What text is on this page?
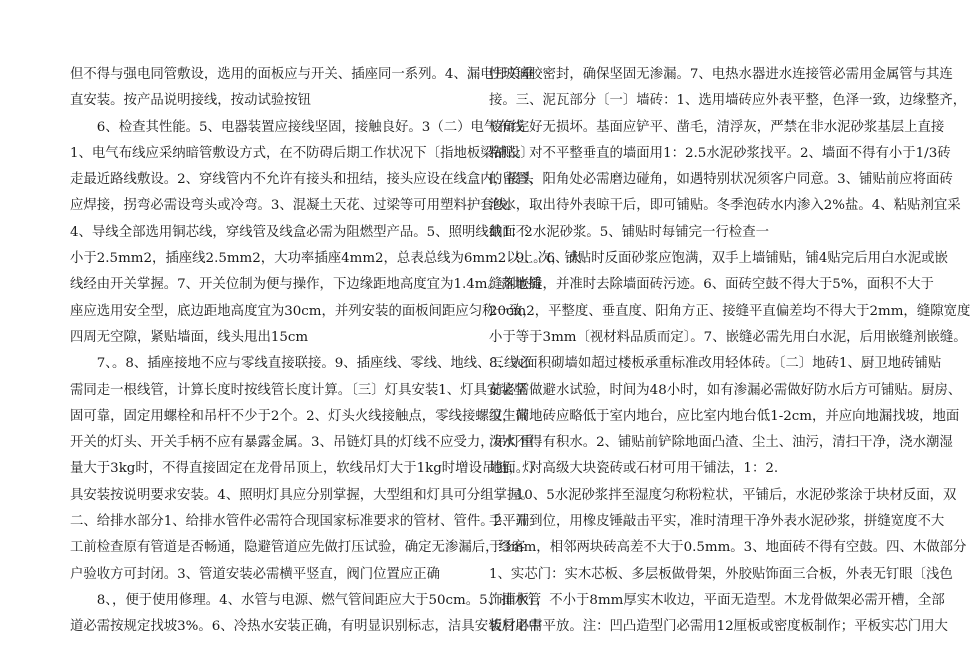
但不得与强电同管敷设，选用的面板应与开关、插座同一系列。4、漏电开关垂
直安装。按产品说明接线，按动试验按钮
　　6、检查其性能。5、电器装置应接线坚固，接触良好。3（二）电气布线
1、电气布线应采纳暗管敷设方式，在不防碍后期工作状况下〔指地板梁铺设〕
走最近路线敷设。2、穿线管内不允许有接头和扭结，接头应设在线盒内，接头
应焊接，拐弯必需设弯头或冷弯。3、混凝土天花、过梁等可用塑料护套线。
4、导线全部选用铜芯线，穿线管及线盒必需为阻燃型产品。5、照明线截面不
小于2.5mm2，插座线2.5mm2，大功率插座4mm2，总表总线为6mm2以上。6、火
线经由开关掌握。7、开关位制为便与操作，下边缘距地高度宜为1.4m。落地插
座应选用安全型，底边距地高度宜为30cm，并列安装的面板间距应匀称一致，
四周无空隙，紧贴墙面，线头甩出15cm
　　7、。8、插座接地不应与零线直接联接。9、插座线、零线、地线、三线必
需同走一根线管，计算长度时按线管长度计算。〔三〕灯具安装1、灯具安装坚
固可靠，固定用螺栓和吊杆不少于2个。2、灯头火线接触点，零线接螺纹，带
开关的灯头、开关手柄不应有暴露金属。3、吊链灯具的灯线不应受力，吊灯重
量大于3kg时，不得直接固定在龙骨吊顶上，软线吊灯大于1kg时增设吊链，灯
具安装按说明要求安装。4、照明灯具应分别掌握，大型组和灯具可分组掌握。
二、给排水部分1、给排水管件必需符合现国家标准要求的管材、管件。2、开
工前检查原有管道是否畅通，隐避管道应先做打压试验，确定无渗漏后，经客
户验收方可封闭。3、管道安装必需横平竖直，阀门位置应正确
　　8、，便于使用修理。4、水管与电源、燃气管间距应大于50cm。5、排水管
道必需按规定找坡3%。6、冷热水安装正确，有明显识别标志，洁具安装后用中
性玻璃胶密封，确保坚固无渗漏。7、电热水器进水连接管必需用金属管与其连
接。三、泥瓦部分〔一〕墙砖：1、选用墙砖应外表平整，色泽一致，边缘整齐，
棱角完好无损坏。基面应铲平、凿毛，清浮灰，严禁在非水泥砂浆基层上直接
粘贴。对不平整垂直的墙面用1：2.5水泥砂浆找平。2、墙面不得有小于1/3砖
的留置，阳角处必需磨边碰角，如遇特别状况须客户同意。3、铺贴前应将面砖
泡水，取出待外表晾干后，即可铺贴。冬季泡砖水内渗入2%盐。4、粘贴剂宜采
纳1：2水泥砂浆。5、铺贴时每铺完一行检查一
　　9、次，铺贴时反面砂浆应饱满，双手上墙铺贴，铺4贴完后用白水泥或嵌
缝剂嵌缝，并准时去除墙面砖污迹。6、面砖空鼓不得大于5%，面积不大于
20cm2，平整度、垂直度、阳角方正、接缝平直偏差均不得大于2mm，缝隙宽度
小于等于3mm〔视材料品质而定〕。7、嵌缝必需先用白水泥，后用嵌缝剂嵌缝。
8、大面积砌墙如超过楼板承重标准改用轻体砖。〔二〕地砖1、厨卫地砖铺贴
前必需做避水试验，时间为48小时，如有渗漏必需做好防水后方可铺贴。厨房、
卫生间地砖应略低于室内地台，应比室内地台低1-2cm，并应向地漏找坡，地面
泼水不得有积水。2、铺贴前铲除地面凸渣、尘土、油污，清扫干净，浇水潮湿
地面。对高级大块瓷砖或石材可用干铺法，1：2.
　　10、5水泥砂浆拌至湿度匀称粉粒状，平铺后，水泥砂浆涂于块材反面，双
手平端到位，用橡皮锤敲击平实，准时清理干净外表水泥砂浆，拼缝宽度不大
于3mm，相邻两块砖高差不大于0.5mm。3、地面砖不得有空鼓。四、木做部分
1、实芯门：实木芯板、多层板做骨架，外胶贴饰面三合板，外表无钉眼〔浅色
饰面板〕，不小于8mm厚实木收边，平面无造型。木龙骨做架必需开槽，全部
板材必需平放。注：凹凸造型门必需用12厘板或密度板制作；平板实芯门用大
